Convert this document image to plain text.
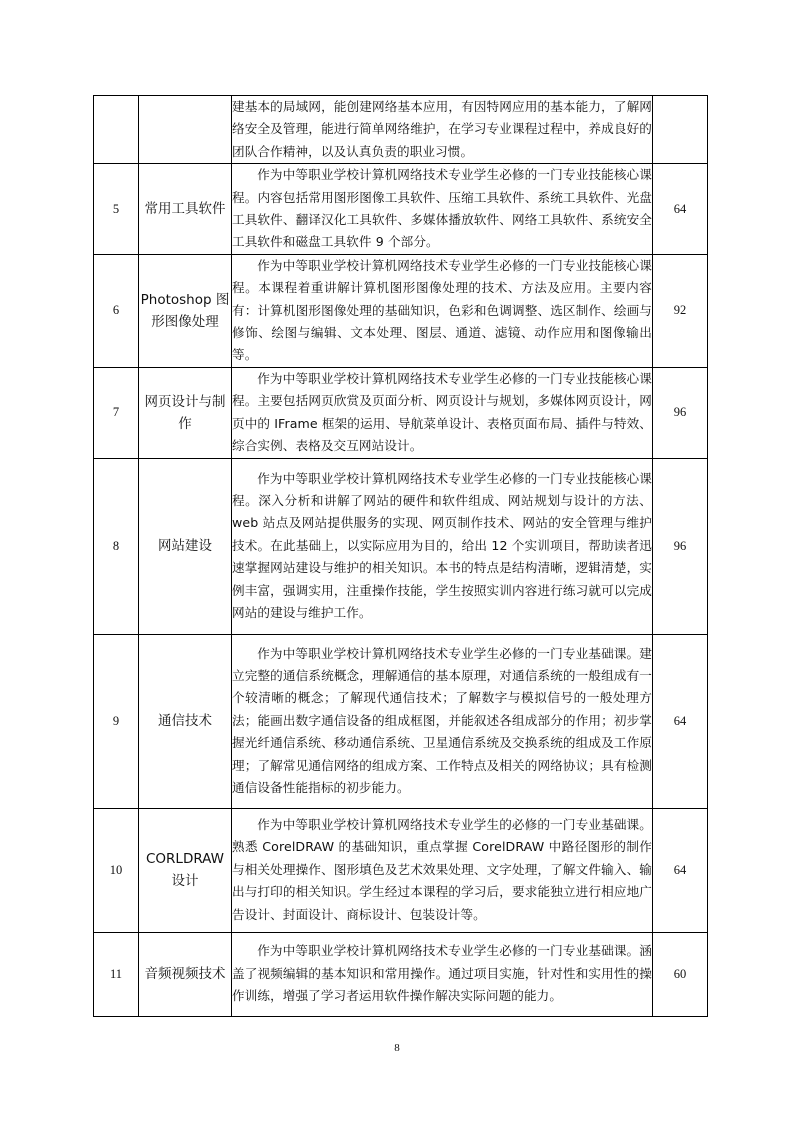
		建基本的局域网，能创建网络基本应用，有因特网应用的基本能力，了解网络安全及管理，能进行简单网络维护，在学习专业课程过程中，养成良好的团队合作精神，以及认真负责的职业习惯。	

5	常用工具软件	作为中等职业学校计算机网络技术专业学生必修的一门专业技能核心课程。内容包括常用图形图像工具软件、压缩工具软件、系统工具软件、光盘工具软件、翻译汉化工具软件、多媒体播放软件、网络工具软件、系统安全工具软件和磁盘工具软件 9 个部分。	64
6	Photoshop 图形图像处理	作为中等职业学校计算机网络技术专业学生必修的一门专业技能核心课程。本课程着重讲解计算机图形图像处理的技术、方法及应用。主要内容有：计算机图形图像处理的基础知识，色彩和色调调整、选区制作、绘画与修饰、绘图与编辑、文本处理、图层、通道、滤镜、动作应用和图像输出等。	92
7	网页设计与制作	作为中等职业学校计算机网络技术专业学生必修的一门专业技能核心课程。主要包括网页欣赏及页面分析、网页设计与规划，多媒体网页设计，网页中的 IFrame 框架的运用、导航菜单设计、表格页面布局、插件与特效、综合实例、表格及交互网站设计。	96
8	网站建设	作为中等职业学校计算机网络技术专业学生必修的一门专业技能核心课程。深入分析和讲解了网站的硬件和软件组成、网站规划与设计的方法、web 站点及网站提供服务的实现、网页制作技术、网站的安全管理与维护技术。在此基础上，以实际应用为目的，给出 12 个实训项目，帮助读者迅速掌握网站建设与维护的相关知识。本书的特点是结构清晰，逻辑清楚，实例丰富，强调实用，注重操作技能，学生按照实训内容进行练习就可以完成网站的建设与维护工作。	96
9	通信技术	作为中等职业学校计算机网络技术专业学生必修的一门专业基础课。建立完整的通信系统概念，理解通信的基本原理，对通信系统的一般组成有一个较清晰的概念；了解现代通信技术；了解数字与模拟信号的一般处理方法；能画出数字通信设备的组成框图，并能叙述各组成部分的作用；初步掌握光纤通信系统、移动通信系统、卫星通信系统及交换系统的组成及工作原理；了解常见通信网络的组成方案、工作特点及相关的网络协议；具有检测通信设备性能指标的初步能力。	64
10	CORLDRAW 设计	作为中等职业学校计算机网络技术专业学生的必修的一门专业基础课。熟悉 CorelDRAW 的基础知识，重点掌握 CorelDRAW 中路径图形的制作与相关处理操作、图形填色及艺术效果处理、文字处理，了解文件输入、输出与打印的相关知识。学生经过本课程的学习后，要求能独立进行相应地广告设计、封面设计、商标设计、包装设计等。	64
11	音频视频技术	作为中等职业学校计算机网络技术专业学生必修的一门专业基础课。涵盖了视频编辑的基本知识和常用操作。通过项目实施，针对性和实用性的操作训练，增强了学习者运用软件操作解决实际问题的能力。	60
8
